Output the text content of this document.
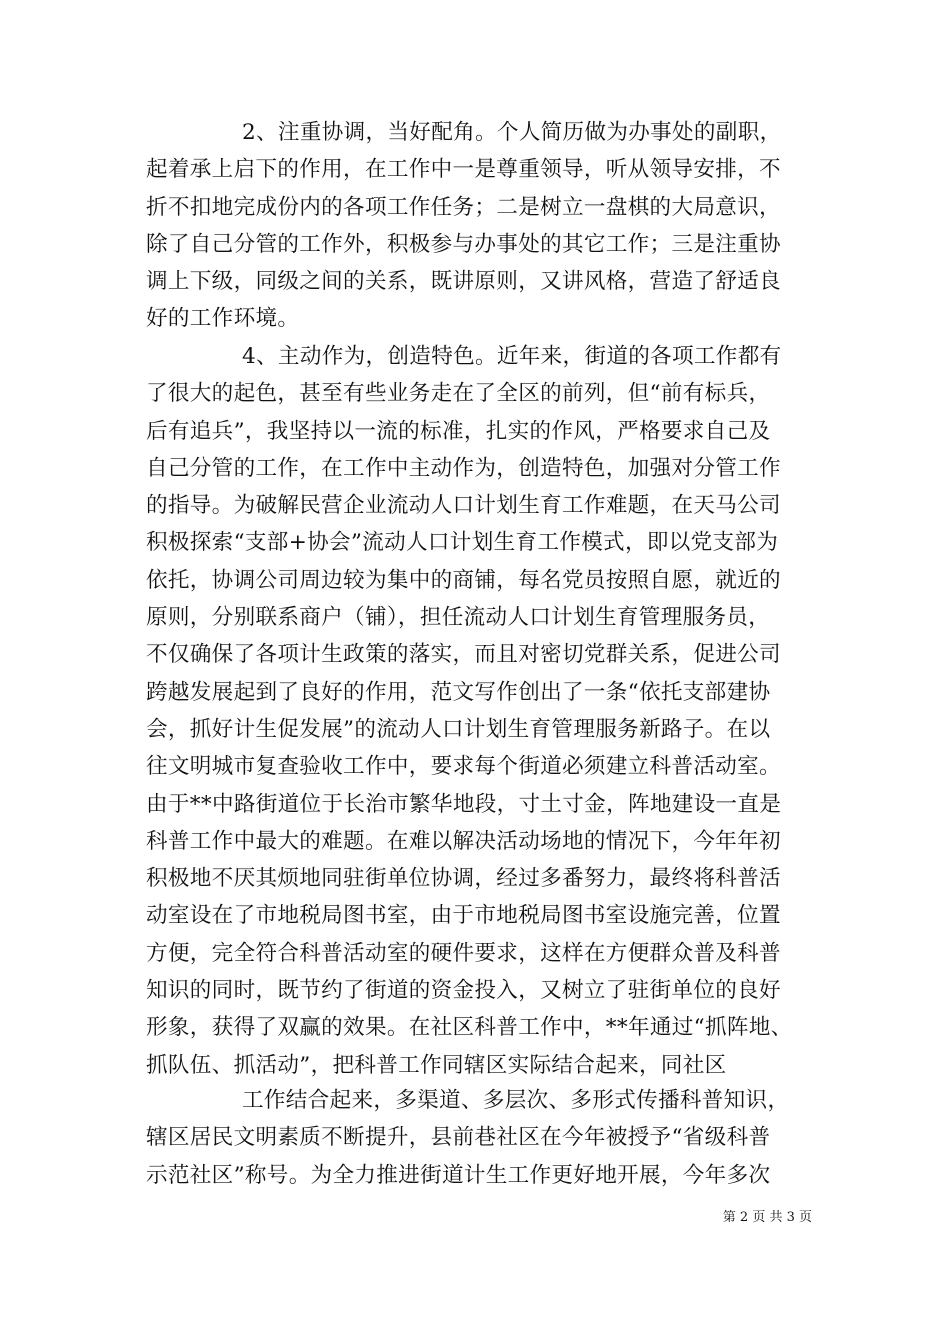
2、注重协调，当好配角。个人简历做为办事处的副职，
起着承上启下的作用，在工作中一是尊重领导，听从领导安排，不
折不扣地完成份内的各项工作任务；二是树立一盘棋的大局意识，
除了自己分管的工作外，积极参与办事处的其它工作；三是注重协
调上下级，同级之间的关系，既讲原则，又讲风格，营造了舒适良
好的工作环境。
4、主动作为，创造特色。近年来，街道的各项工作都有
了很大的起色，甚至有些业务走在了全区的前列，但“前有标兵，
后有追兵”，我坚持以一流的标准，扎实的作风，严格要求自己及
自己分管的工作，在工作中主动作为，创造特色，加强对分管工作
的指导。为破解民营企业流动人口计划生育工作难题，在天马公司
积极探索“支部+协会”流动人口计划生育工作模式，即以党支部为
依托，协调公司周边较为集中的商铺，每名党员按照自愿，就近的
原则，分别联系商户（铺），担任流动人口计划生育管理服务员，
不仅确保了各项计生政策的落实，而且对密切党群关系，促进公司
跨越发展起到了良好的作用，范文写作创出了一条“依托支部建协
会，抓好计生促发展”的流动人口计划生育管理服务新路子。在以
往文明城市复查验收工作中，要求每个街道必须建立科普活动室。
由于**中路街道位于长治市繁华地段，寸土寸金，阵地建设一直是
科普工作中最大的难题。在难以解决活动场地的情况下，今年年初
积极地不厌其烦地同驻街单位协调，经过多番努力，最终将科普活
动室设在了市地税局图书室，由于市地税局图书室设施完善，位置
方便，完全符合科普活动室的硬件要求，这样在方便群众普及科普
知识的同时，既节约了街道的资金投入，又树立了驻街单位的良好
形象，获得了双赢的效果。在社区科普工作中，**年通过“抓阵地、
抓队伍、抓活动”，把科普工作同辖区实际结合起来，同社区
工作结合起来，多渠道、多层次、多形式传播科普知识，
辖区居民文明素质不断提升，县前巷社区在今年被授予“省级科普
示范社区”称号。为全力推进街道计生工作更好地开展，今年多次
第 2 页 共 3 页
